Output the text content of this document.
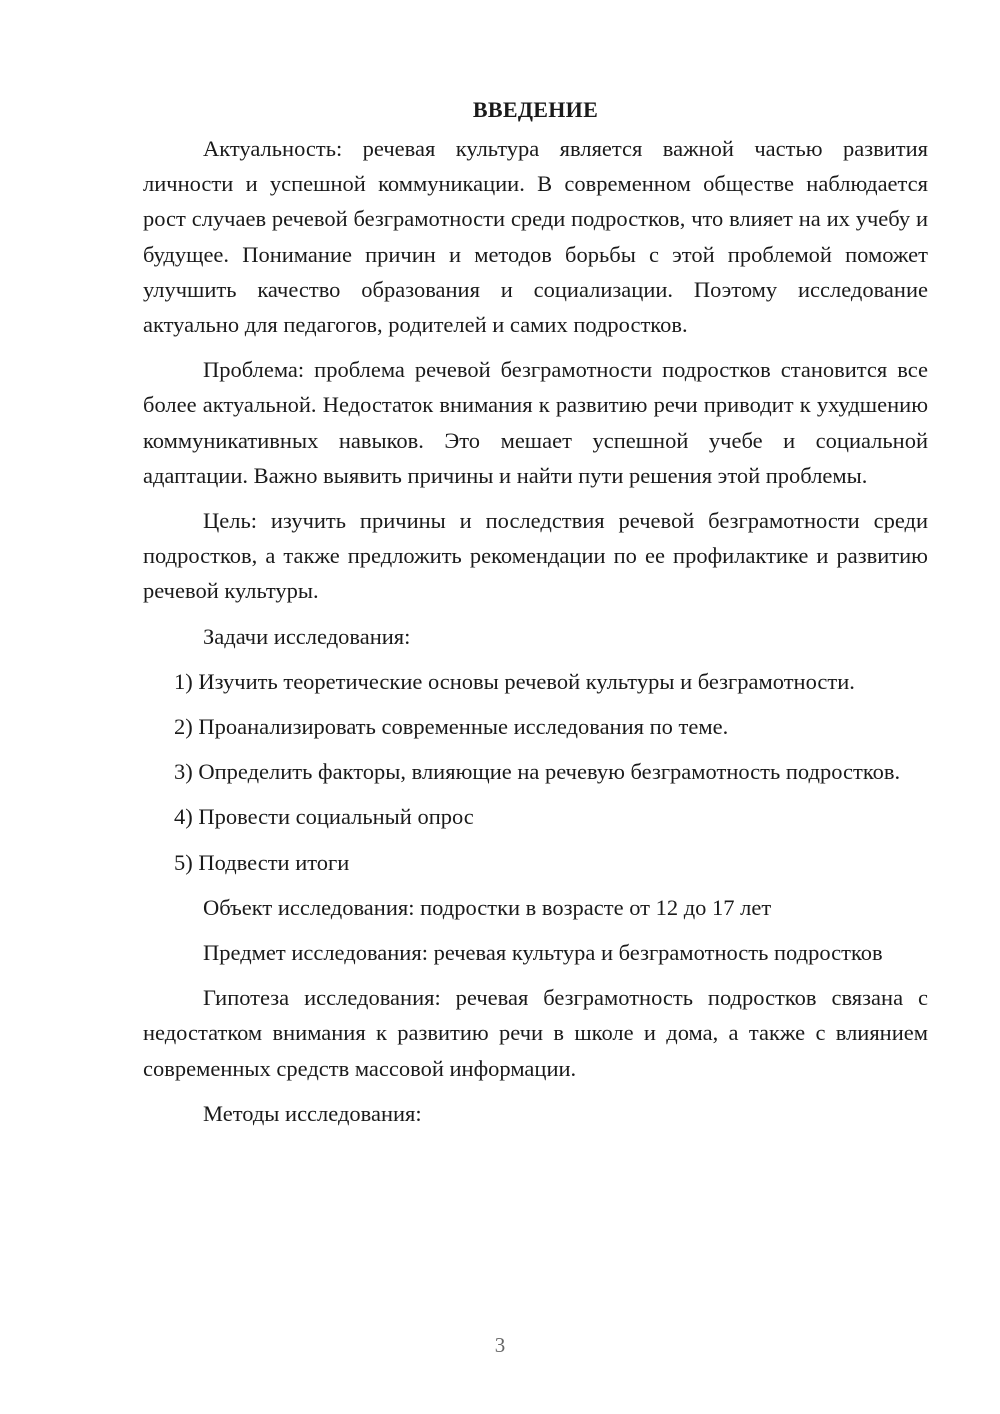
ВВЕДЕНИЕ

Актуальность: речевая культура является важной частью развития личности и успешной коммуникации. В современном обществе наблюдается рост случаев речевой безграмотности среди подростков, что влияет на их учебу и будущее. Понимание причин и методов борьбы с этой проблемой поможет улучшить качество образования и социализации. Поэтому исследование актуально для педагогов, родителей и самих подростков.

Проблема: проблема речевой безграмотности подростков становится все более актуальной. Недостаток внимания к развитию речи приводит к ухудшению коммуникативных навыков. Это мешает успешной учебе и социальной адаптации. Важно выявить причины и найти пути решения этой проблемы.

Цель: изучить причины и последствия речевой безграмотности среди подростков, а также предложить рекомендации по ее профилактике и развитию речевой культуры.

Задачи исследования:

1) Изучить теоретические основы речевой культуры и безграмотности.

2) Проанализировать современные исследования по теме.

3) Определить факторы, влияющие на речевую безграмотность подростков.

4) Провести социальный опрос

5) Подвести итоги

Объект исследования: подростки в возрасте от 12 до 17 лет

Предмет исследования: речевая культура и безграмотность подростков

Гипотеза исследования: речевая безграмотность подростков связана с недостатком внимания к развитию речи в школе и дома, а также с влиянием современных средств массовой информации.

Методы исследования:

3
